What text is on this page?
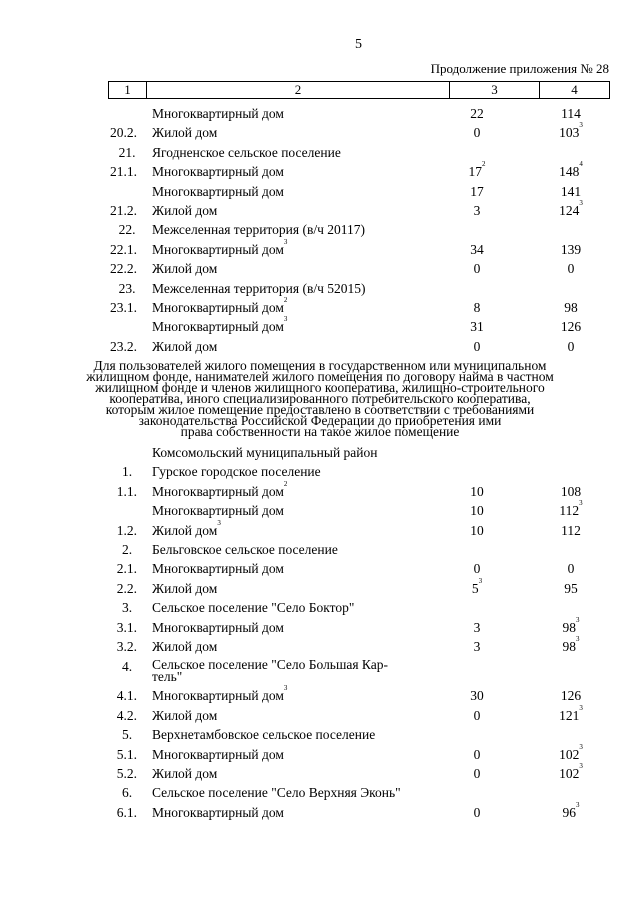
5
Продолжение приложения № 28
1	2	3	4
Многоквартирный дом	22	114
20.2. Жилой дом	0	$103^3$
21.	Ягодненское сельское поселение
21.1. Многоквартирный дом	$17^2$	$148^4$
Многоквартирный дом	17	141
21.2. Жилой дом	3	$124^3$
22.	Межселенная территория (в/ч 20117)
22.1. Многоквартирный дом$^3$	34	139
22.2. Жилой дом	0	0
23.	Межселенная территория (в/ч 52015)
23.1. Многоквартирный дом$^2$	8	98
Многоквартирный дом$^3$	31	126
23.2. Жилой дом	0	0
Для пользователей жилого помещения в государственном или муниципальном
жилищном фонде, нанимателей жилого помещения по договору найма в частном
жилищном фонде и членов жилищного кооператива, жилищно-строительного
кооператива, иного специализированного потребительского кооператива,
которым жилое помещение предоставлено в соответствии с требованиями
законодательства Российской Федерации до приобретения ими
права собственности на такое жилое помещение
Комсомольский муниципальный район
1.	Гурское городское поселение
1.1. Многоквартирный дом$^2$	10	108
Многоквартирный дом	10	$112^3$
1.2. Жилой дом$^3$	10	112
2.	Бельговское сельское поселение
2.1. Многоквартирный дом	0	0
2.2. Жилой дом	$5^3$	95
3.	Сельское поселение "Село Боктор"
3.1. Многоквартирный дом	3	$98^3$
3.2. Жилой дом	3	$98^3$
4.	Сельское поселение "Село Большая Кар-
тель"
4.1. Многоквартирный дом$^3$	30	126
4.2. Жилой дом	0	$121^3$
5.	Верхнетамбовское сельское поселение
5.1. Многоквартирный дом	0	$102^3$
5.2. Жилой дом	0	$102^3$
6.	Сельское поселение "Село Верхняя Эконь"
6.1. Многоквартирный дом	0	$96^3$
